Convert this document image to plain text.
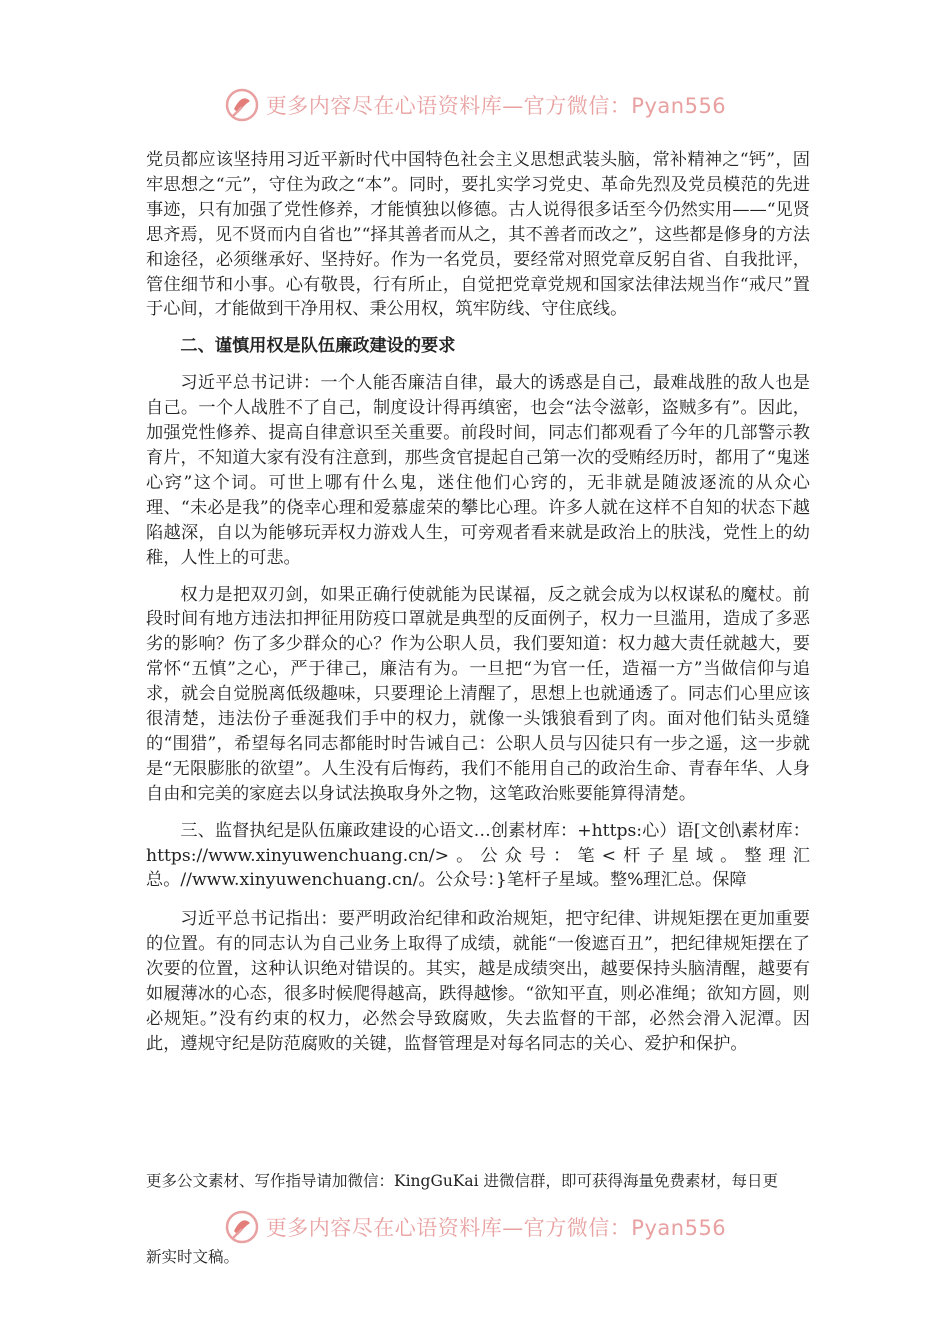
更多内容尽在心语资料库—官方微信：Pyan556

党员都应该坚持用习近平新时代中国特色社会主义思想武装头脑，常补精神之“钙”，固牢思想之“元”，守住为政之“本”。同时，要扎实学习党史、革命先烈及党员模范的先进事迹，只有加强了党性修养，才能慎独以修德。古人说得很多话至今仍然实用——“见贤思齐焉，见不贤而内自省也”“择其善者而从之，其不善者而改之”，这些都是修身的方法和途径，必须继承好、坚持好。作为一名党员，要经常对照党章反躬自省、自我批评，管住细节和小事。心有敬畏，行有所止，自觉把党章党规和国家法律法规当作“戒尺”置于心间，才能做到干净用权、秉公用权，筑牢防线、守住底线。

二、谨慎用权是队伍廉政建设的要求

习近平总书记讲：一个人能否廉洁自律，最大的诱惑是自己，最难战胜的敌人也是自己。一个人战胜不了自己，制度设计得再缜密，也会“法令滋彰，盗贼多有”。因此，加强党性修养、提高自律意识至关重要。前段时间，同志们都观看了今年的几部警示教育片，不知道大家有没有注意到，那些贪官提起自己第一次的受贿经历时，都用了“鬼迷心窍”这个词。可世上哪有什么鬼，迷住他们心窍的，无非就是随波逐流的从众心理、“未必是我”的侥幸心理和爱慕虚荣的攀比心理。许多人就在这样不自知的状态下越陷越深，自以为能够玩弄权力游戏人生，可旁观者看来就是政治上的肤浅，党性上的幼稚，人性上的可悲。

权力是把双刃剑，如果正确行使就能为民谋福，反之就会成为以权谋私的魔杖。前段时间有地方违法扣押征用防疫口罩就是典型的反面例子，权力一旦滥用，造成了多恶劣的影响？伤了多少群众的心？作为公职人员，我们要知道：权力越大责任就越大，要常怀“五慎”之心，严于律己，廉洁有为。一旦把“为官一任，造福一方”当做信仰与追求，就会自觉脱离低级趣味，只要理论上清醒了，思想上也就通透了。同志们心里应该很清楚，违法份子垂涎我们手中的权力，就像一头饿狼看到了肉。面对他们钻头觅缝的“围猎”，希望每名同志都能时时告诫自己：公职人员与囚徒只有一步之遥，这一步就是“无限膨胀的欲望”。人生没有后悔药，我们不能用自己的政治生命、青春年华、人身自由和完美的家庭去以身试法换取身外之物，这笔政治账要能算得清楚。

三、监督执纪是队伍廉政建设的心语文…创素材库：+https:心）语[文创\素材库：https://www.xinyuwenchuang.cn/>。公众号：笔<杆子星域。整理汇总。//www.xinyuwenchuang.cn/。公众号：}笔杆子星域。整%理汇总。保障

习近平总书记指出：要严明政治纪律和政治规矩，把守纪律、讲规矩摆在更加重要的位置。有的同志认为自己业务上取得了成绩，就能“一俊遮百丑”，把纪律规矩摆在了次要的位置，这种认识绝对错误的。其实，越是成绩突出，越要保持头脑清醒，越要有如履薄冰的心态，很多时候爬得越高，跌得越惨。“欲知平直，则必准绳；欲知方圆，则必规矩。”没有约束的权力，必然会导致腐败，失去监督的干部，必然会滑入泥潭。因此，遵规守纪是防范腐败的关键，监督管理是对每名同志的关心、爱护和保护。

更多公文素材、写作指导请加微信：KingGuKai 进微信群，即可获得海量免费素材，每日更
更多内容尽在心语资料库—官方微信：Pyan556
新实时文稿。
